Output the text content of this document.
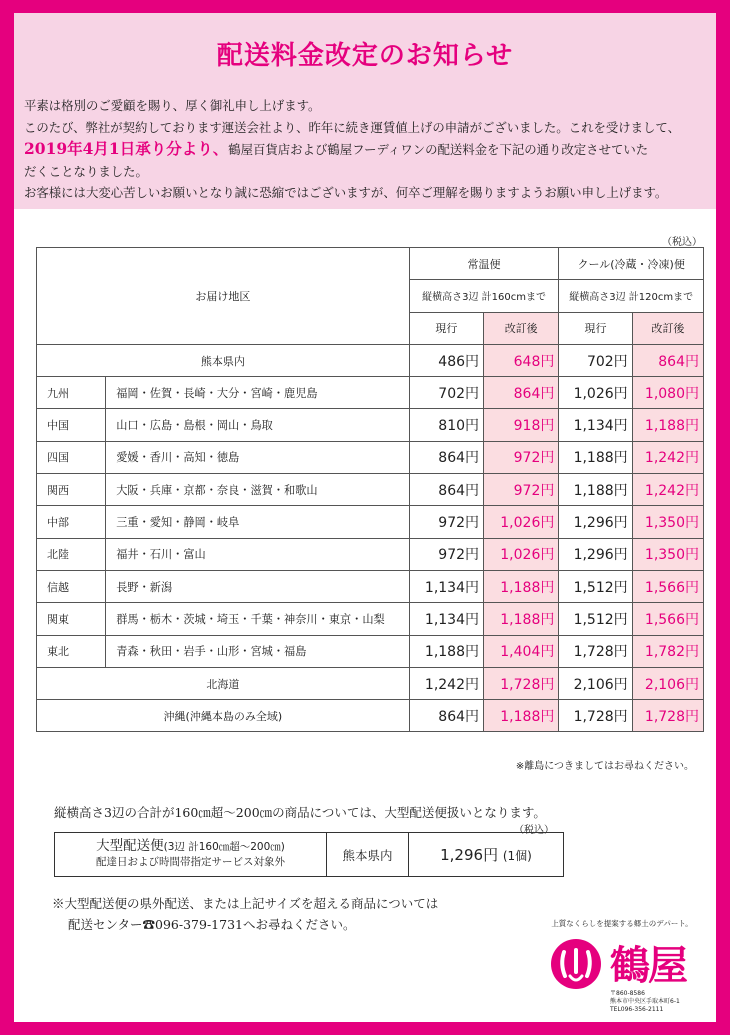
配送料金改定のお知らせ
平素は格別のご愛顧を賜り、厚く御礼申し上げます。
このたび、弊社が契約しております運送会社より、昨年に続き運賃値上げの申請がございました。これを受けまして、
2019年4月1日承り分より、鶴屋百貨店および鶴屋フーディワンの配送料金を下記の通り改定させていた
だくことなりました。
お客様には大変心苦しいお願いとなり誠に恐縮ではございますが、何卒ご理解を賜りますようお願い申し上げます。
（税込）
お届け地区		常温便		クール(冷蔵・冷凍)便	
		縦横高さ3辺 計160cmまで		縦横高さ3辺 計120cmまで	
		現行	改訂後	現行	改訂後
熊本県内		486円	648円	702円	864円
九州	福岡・佐賀・長崎・大分・宮崎・鹿児島	702円	864円	1,026円	1,080円
中国	山口・広島・島根・岡山・鳥取	810円	918円	1,134円	1,188円
四国	愛媛・香川・高知・徳島	864円	972円	1,188円	1,242円
関西	大阪・兵庫・京都・奈良・滋賀・和歌山	864円	972円	1,188円	1,242円
中部	三重・愛知・静岡・岐阜	972円	1,026円	1,296円	1,350円
北陸	福井・石川・富山	972円	1,026円	1,296円	1,350円
信越	長野・新潟	1,134円	1,188円	1,512円	1,566円
関東	群馬・栃木・茨城・埼玉・千葉・神奈川・東京・山梨	1,134円	1,188円	1,512円	1,566円
東北	青森・秋田・岩手・山形・宮城・福島	1,188円	1,404円	1,728円	1,782円
北海道		1,242円	1,728円	2,106円	2,106円
沖縄(沖縄本島のみ全域)		864円	1,188円	1,728円	1,728円
※離島につきましてはお尋ねください。
縦横高さ3辺の合計が160㎝超〜200㎝の商品については、大型配送便扱いとなります。
（税込）
大型配送便(3辺 計160㎝超〜200㎝)
配達日および時間帯指定サービス対象外	熊本県内	1,296円 (1個)
※大型配送便の県外配送、または上記サイズを超える商品については
配送センター☎096-379-1731へお尋ねください。	上質なくらしを提案する郷土のデパート。
鶴屋
〒860-8586
熊本市中央区手取本町6-1
TEL096-356-2111
